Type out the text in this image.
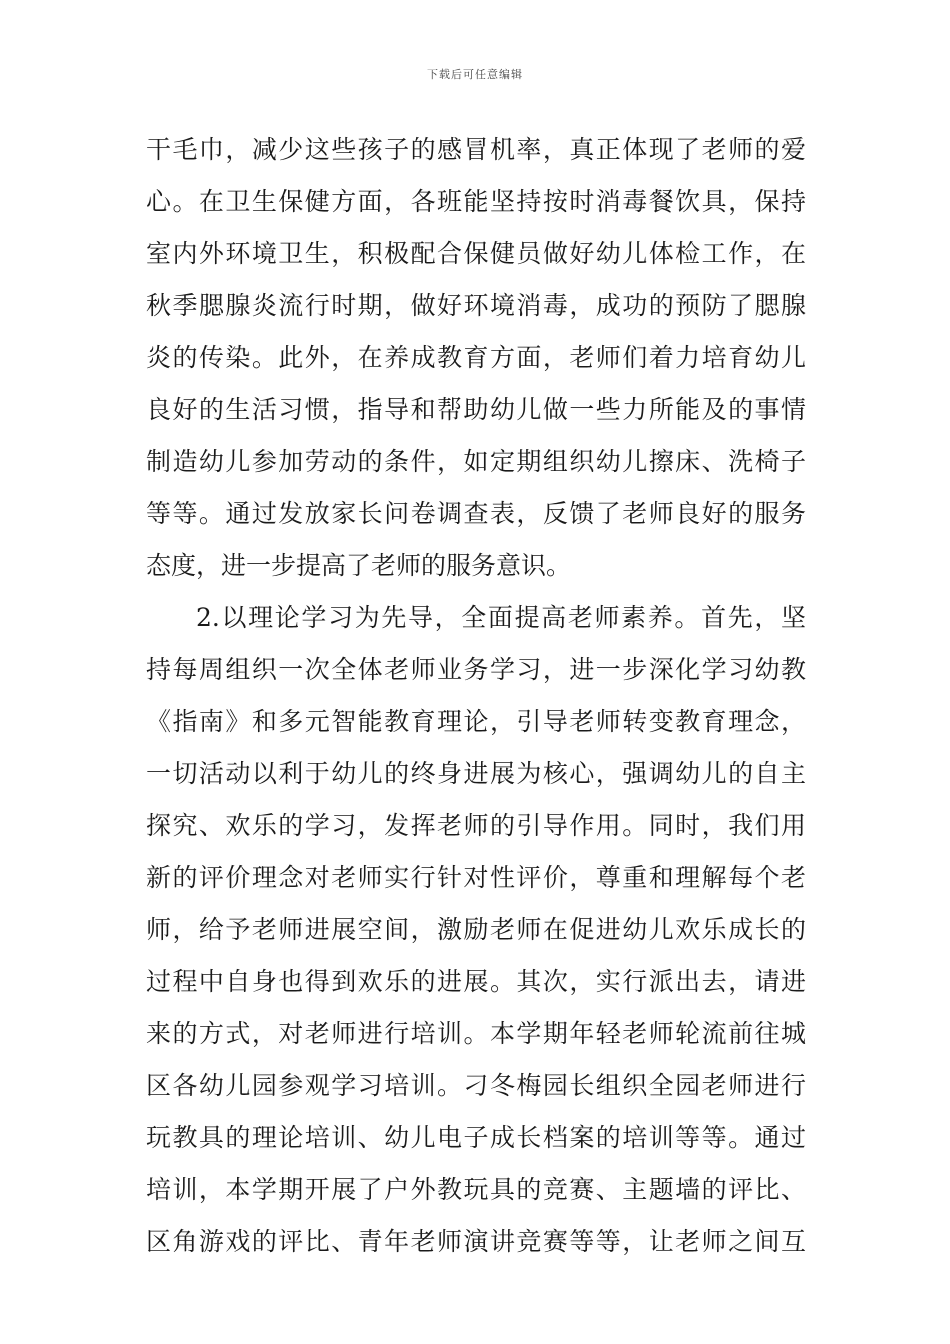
下载后可任意编辑
干毛巾，减少这些孩子的感冒机率，真正体现了老师的爱
心。在卫生保健方面，各班能坚持按时消毒餐饮具，保持
室内外环境卫生，积极配合保健员做好幼儿体检工作，在
秋季腮腺炎流行时期，做好环境消毒，成功的预防了腮腺
炎的传染。此外，在养成教育方面，老师们着力培育幼儿
良好的生活习惯，指导和帮助幼儿做一些力所能及的事情
制造幼儿参加劳动的条件，如定期组织幼儿擦床、洗椅子
等等。通过发放家长问卷调查表，反馈了老师良好的服务
态度，进一步提高了老师的服务意识。
2.以理论学习为先导，全面提高老师素养。首先，坚
持每周组织一次全体老师业务学习，进一步深化学习幼教
《指南》和多元智能教育理论，引导老师转变教育理念，
一切活动以利于幼儿的终身进展为核心，强调幼儿的自主
探究、欢乐的学习，发挥老师的引导作用。同时，我们用
新的评价理念对老师实行针对性评价，尊重和理解每个老
师，给予老师进展空间，激励老师在促进幼儿欢乐成长的
过程中自身也得到欢乐的进展。其次，实行派出去，请进
来的方式，对老师进行培训。本学期年轻老师轮流前往城
区各幼儿园参观学习培训。刁冬梅园长组织全园老师进行
玩教具的理论培训、幼儿电子成长档案的培训等等。通过
培训，本学期开展了户外教玩具的竞赛、主题墙的评比、
区角游戏的评比、青年老师演讲竞赛等等，让老师之间互
